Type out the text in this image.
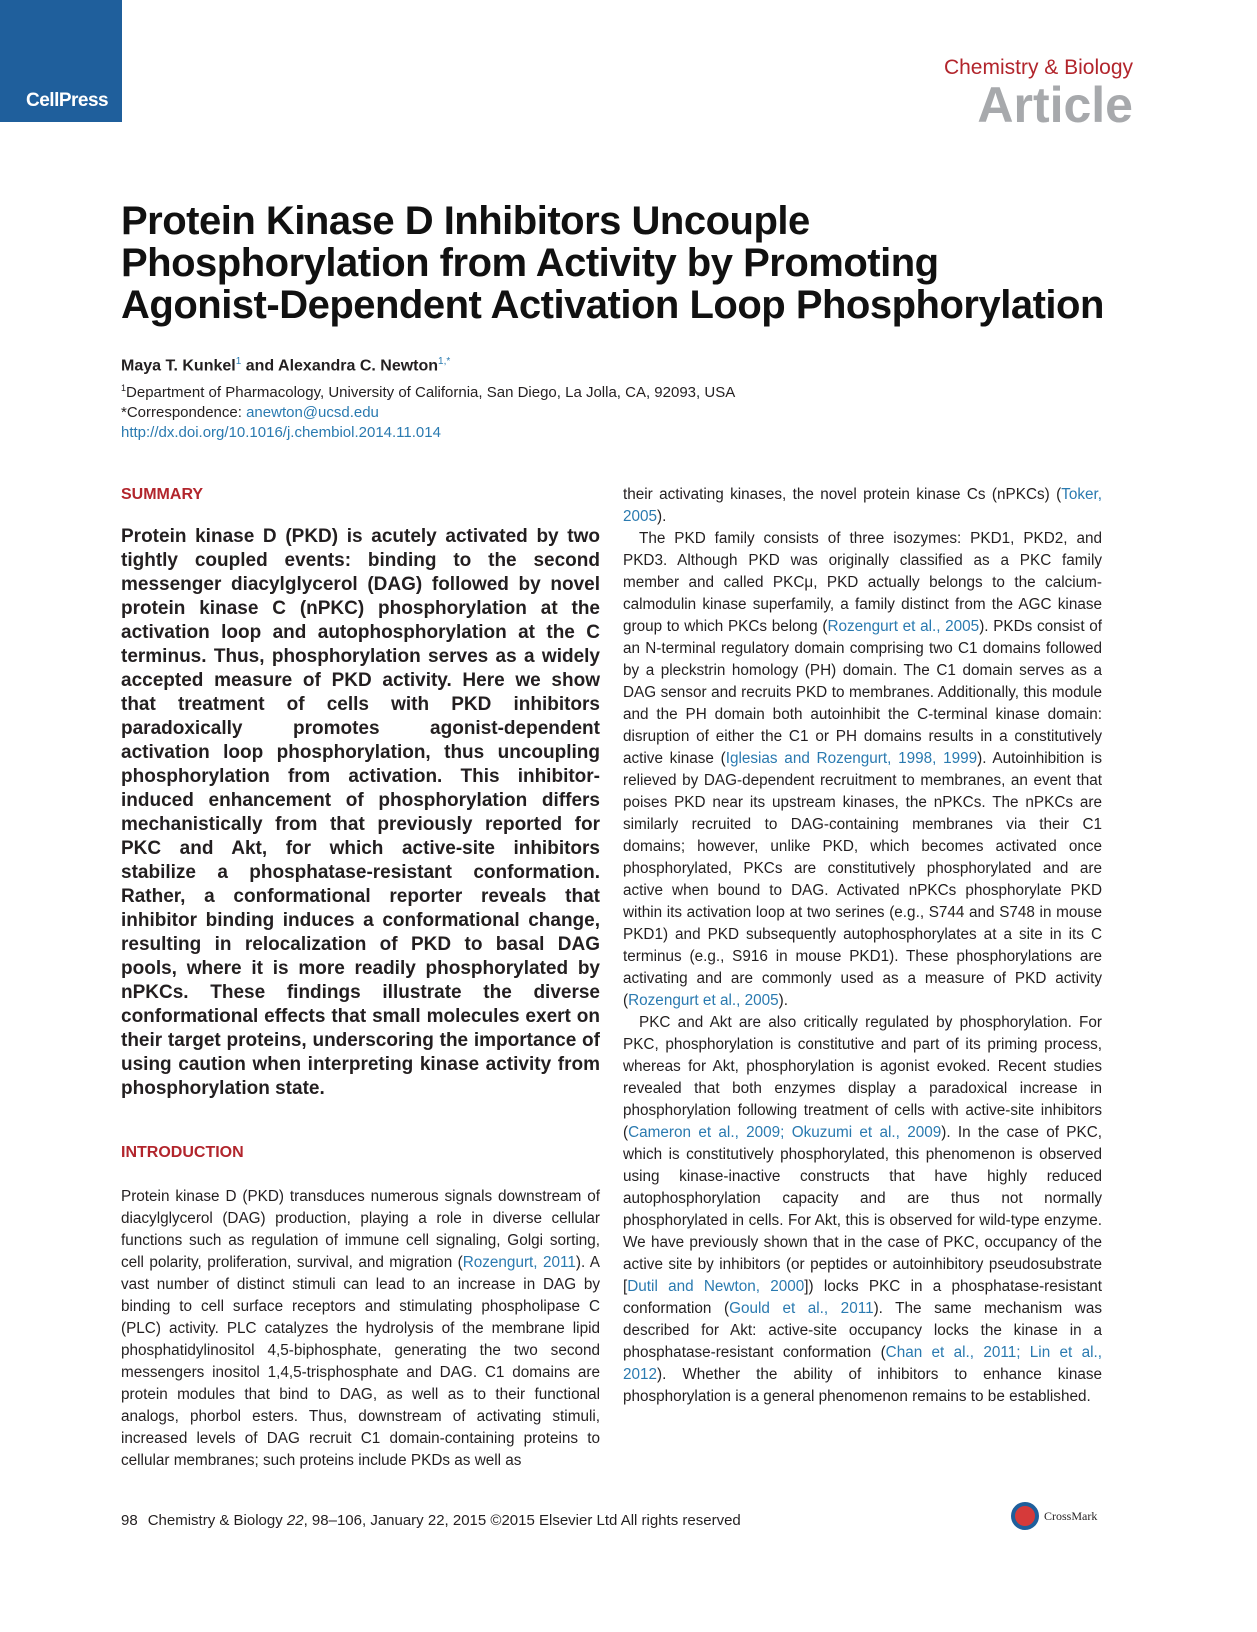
CellPress
Chemistry & Biology
Article
Protein Kinase D Inhibitors Uncouple
Phosphorylation from Activity by Promoting
Agonist-Dependent Activation Loop Phosphorylation
Maya T. Kunkel$^1$ and Alexandra C. Newton$^{1,*}$
$^1$Department of Pharmacology, University of California, San Diego, La Jolla, CA, 92093, USA
*Correspondence: anewton@ucsd.edu
http://dx.doi.org/10.1016/j.chembiol.2014.11.014
SUMMARY
Protein kinase D (PKD) is acutely activated by two tightly coupled events: binding to the second messenger diacylglycerol (DAG) followed by novel protein kinase C (nPKC) phosphorylation at the activation loop and autophosphorylation at the C terminus. Thus, phosphorylation serves as a widely accepted measure of PKD activity. Here we show that treatment of cells with PKD inhibitors paradoxically promotes agonist-dependent activation loop phosphorylation, thus uncoupling phosphorylation from activation. This inhibitor-induced enhancement of phosphorylation differs mechanistically from that previously reported for PKC and Akt, for which active-site inhibitors stabilize a phosphatase-resistant conformation. Rather, a conformational reporter reveals that inhibitor binding induces a conformational change, resulting in relocalization of PKD to basal DAG pools, where it is more readily phosphorylated by nPKCs. These findings illustrate the diverse conformational effects that small molecules exert on their target proteins, underscoring the importance of using caution when interpreting kinase activity from phosphorylation state.
INTRODUCTION

Protein kinase D (PKD) transduces numerous signals downstream of diacylglycerol (DAG) production, playing a role in diverse cellular functions such as regulation of immune cell signaling, Golgi sorting, cell polarity, proliferation, survival, and migration (Rozengurt, 2011). A vast number of distinct stimuli can lead to an increase in DAG by binding to cell surface receptors and stimulating phospholipase C (PLC) activity. PLC catalyzes the hydrolysis of the membrane lipid phosphatidylinositol 4,5-biphosphate, generating the two second messengers inositol 1,4,5-trisphosphate and DAG. C1 domains are protein modules that bind to DAG, as well as to their functional analogs, phorbol esters. Thus, downstream of activating stimuli, increased levels of DAG recruit C1 domain-containing proteins to cellular membranes; such proteins include PKDs as well as

their activating kinases, the novel protein kinase Cs (nPKCs) (Toker, 2005).

The PKD family consists of three isozymes: PKD1, PKD2, and PKD3. Although PKD was originally classified as a PKC family member and called PKCμ, PKD actually belongs to the calcium-calmodulin kinase superfamily, a family distinct from the AGC kinase group to which PKCs belong (Rozengurt et al., 2005). PKDs consist of an N-terminal regulatory domain comprising two C1 domains followed by a pleckstrin homology (PH) domain. The C1 domain serves as a DAG sensor and recruits PKD to membranes. Additionally, this module and the PH domain both autoinhibit the C-terminal kinase domain: disruption of either the C1 or PH domains results in a constitutively active kinase (Iglesias and Rozengurt, 1998, 1999). Autoinhibition is relieved by DAG-dependent recruitment to membranes, an event that poises PKD near its upstream kinases, the nPKCs. The nPKCs are similarly recruited to DAG-containing membranes via their C1 domains; however, unlike PKD, which becomes activated once phosphorylated, PKCs are constitutively phosphorylated and are active when bound to DAG. Activated nPKCs phosphorylate PKD within its activation loop at two serines (e.g., S744 and S748 in mouse PKD1) and PKD subsequently autophosphorylates at a site in its C terminus (e.g., S916 in mouse PKD1). These phosphorylations are activating and are commonly used as a measure of PKD activity (Rozengurt et al., 2005).

PKC and Akt are also critically regulated by phosphorylation. For PKC, phosphorylation is constitutive and part of its priming process, whereas for Akt, phosphorylation is agonist evoked. Recent studies revealed that both enzymes display a paradoxical increase in phosphorylation following treatment of cells with active-site inhibitors (Cameron et al., 2009; Okuzumi et al., 2009). In the case of PKC, which is constitutively phosphorylated, this phenomenon is observed using kinase-inactive constructs that have highly reduced autophosphorylation capacity and are thus not normally phosphorylated in cells. For Akt, this is observed for wild-type enzyme. We have previously shown that in the case of PKC, occupancy of the active site by inhibitors (or peptides or autoinhibitory pseudosubstrate [Dutil and Newton, 2000]) locks PKC in a phosphatase-resistant conformation (Gould et al., 2011). The same mechanism was described for Akt: active-site occupancy locks the kinase in a phosphatase-resistant conformation (Chan et al., 2011; Lin et al., 2012). Whether the ability of inhibitors to enhance kinase phosphorylation is a general phenomenon remains to be established.

98 Chemistry & Biology 22, 98–106, January 22, 2015 ©2015 Elsevier Ltd All rights reserved	CrossMark
